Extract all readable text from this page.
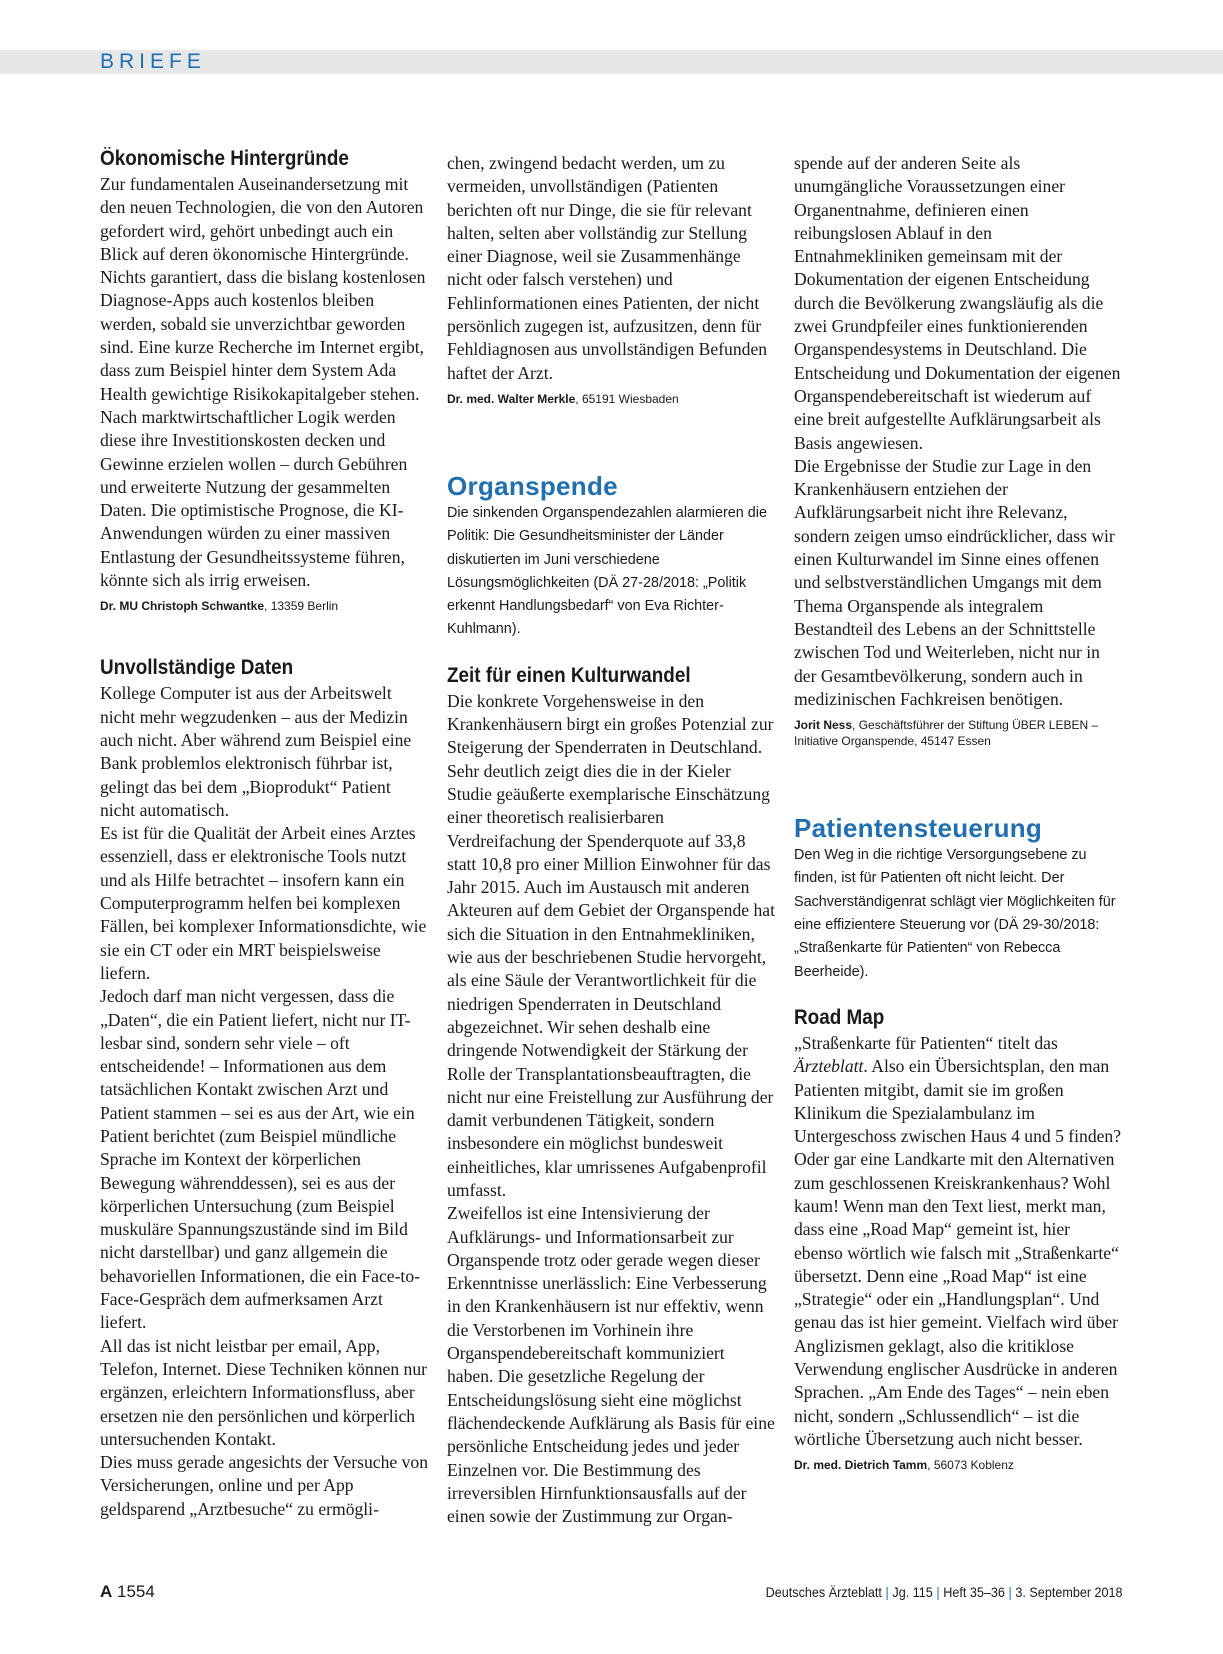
BRIEFE
Ökonomische Hintergründe

Zur fundamentalen Auseinandersetzung mit den neuen Technologien, die von den Autoren gefordert wird, gehört unbedingt auch ein Blick auf deren ökonomische Hintergründe. Nichts garantiert, dass die bislang kostenlosen Diagnose-Apps auch kostenlos bleiben werden, sobald sie unverzichtbar geworden sind. Eine kurze Recherche im Internet ergibt, dass zum Beispiel hinter dem System Ada Health gewichtige Risikokapitalgeber stehen. Nach marktwirtschaftlicher Logik werden diese ihre Investitionskosten decken und Gewinne erzielen wollen – durch Gebühren und erweiterte Nutzung der gesammelten Daten. Die optimistische Prognose, die KI-Anwendungen würden zu einer massiven Entlastung der Gesundheitssysteme führen, könnte sich als irrig erweisen.

Dr. MU Christoph Schwantke, 13359 Berlin
Unvollständige Daten

Kollege Computer ist aus der Arbeitswelt nicht mehr wegzudenken – aus der Medizin auch nicht. Aber während zum Beispiel eine Bank problemlos elektronisch führbar ist, gelingt das bei dem „Bioprodukt“ Patient nicht automatisch.

Es ist für die Qualität der Arbeit eines Arztes essenziell, dass er elektronische Tools nutzt und als Hilfe betrachtet – insofern kann ein Computerprogramm helfen bei komplexen Fällen, bei komplexer Informationsdichte, wie sie ein CT oder ein MRT beispielsweise liefern.

Jedoch darf man nicht vergessen, dass die „Daten“, die ein Patient liefert, nicht nur IT-lesbar sind, sondern sehr viele – oft entscheidende! – Informationen aus dem tatsächlichen Kontakt zwischen Arzt und Patient stammen – sei es aus der Art, wie ein Patient berichtet (zum Beispiel mündliche Sprache im Kontext der körperlichen Bewegung währenddessen), sei es aus der körperlichen Untersuchung (zum Beispiel muskuläre Spannungszustände sind im Bild nicht darstellbar) und ganz allgemein die behavoriellen Informationen, die ein Face-to-Face-Gespräch dem aufmerksamen Arzt liefert.

All das ist nicht leistbar per email, App, Telefon, Internet. Diese Techniken können nur ergänzen, erleichtern Informationsfluss, aber ersetzen nie den persönlichen und körperlich untersuchenden Kontakt.

Dies muss gerade angesichts der Versuche von Versicherungen, online und per App geldsparend „Arztbesuche“ zu ermögli-

chen, zwingend bedacht werden, um zu vermeiden, unvollständigen (Patienten berichten oft nur Dinge, die sie für relevant halten, selten aber vollständig zur Stellung einer Diagnose, weil sie Zusammenhänge nicht oder falsch verstehen) und Fehlinformationen eines Patienten, der nicht persönlich zugegen ist, aufzusitzen, denn für Fehldiagnosen aus unvollständigen Befunden haftet der Arzt.

Dr. med. Walter Merkle, 65191 Wiesbaden
Organspende
Die sinkenden Organspendezahlen alarmieren die Politik: Die Gesundheitsminister der Länder diskutierten im Juni verschiedene Lösungsmöglichkeiten (DÄ 27-28/2018: „Politik erkennt Handlungsbedarf“ von Eva Richter-Kuhlmann).
Zeit für einen Kulturwandel

Die konkrete Vorgehensweise in den Krankenhäusern birgt ein großes Potenzial zur Steigerung der Spenderraten in Deutschland. Sehr deutlich zeigt dies die in der Kieler Studie geäußerte exemplarische Einschätzung einer theoretisch realisierbaren Verdreifachung der Spenderquote auf 33,8 statt 10,8 pro einer Million Einwohner für das Jahr 2015. Auch im Austausch mit anderen Akteuren auf dem Gebiet der Organspende hat sich die Situation in den Entnahmekliniken, wie aus der beschriebenen Studie hervorgeht, als eine Säule der Verantwortlichkeit für die niedrigen Spenderraten in Deutschland abgezeichnet. Wir sehen deshalb eine dringende Notwendigkeit der Stärkung der Rolle der Transplantationsbeauftragten, die nicht nur eine Freistellung zur Ausführung der damit verbundenen Tätigkeit, sondern insbesondere ein möglichst bundesweit einheitliches, klar umrissenes Aufgabenprofil umfasst.

Zweifellos ist eine Intensivierung der Aufklärungs- und Informationsarbeit zur Organspende trotz oder gerade wegen dieser Erkenntnisse unerlässlich: Eine Verbesserung in den Krankenhäusern ist nur effektiv, wenn die Verstorbenen im Vorhinein ihre Organspendebereitschaft kommuniziert haben. Die gesetzliche Regelung der Entscheidungslösung sieht eine möglichst flächendeckende Aufklärung als Basis für eine persönliche Entscheidung jedes und jeder Einzelnen vor. Die Bestimmung des irreversiblen Hirnfunktionsausfalls auf der einen sowie der Zustimmung zur Organ-

spende auf der anderen Seite als unumgängliche Voraussetzungen einer Organentnahme, definieren einen reibungslosen Ablauf in den Entnahmekliniken gemeinsam mit der Dokumentation der eigenen Entscheidung durch die Bevölkerung zwangsläufig als die zwei Grundpfeiler eines funktionierenden Organspendesystems in Deutschland. Die Entscheidung und Dokumentation der eigenen Organspendebereitschaft ist wiederum auf eine breit aufgestellte Aufklärungsarbeit als Basis angewiesen.

Die Ergebnisse der Studie zur Lage in den Krankenhäusern entziehen der Aufklärungsarbeit nicht ihre Relevanz, sondern zeigen umso eindrücklicher, dass wir einen Kulturwandel im Sinne eines offenen und selbstverständlichen Umgangs mit dem Thema Organspende als integralem Bestandteil des Lebens an der Schnittstelle zwischen Tod und Weiterleben, nicht nur in der Gesamtbevölkerung, sondern auch in medizinischen Fachkreisen benötigen.

Jorit Ness, Geschäftsführer der Stiftung ÜBER LEBEN – Initiative Organspende, 45147 Essen
Patientensteuerung
Den Weg in die richtige Versorgungsebene zu finden, ist für Patienten oft nicht leicht. Der Sachverständigenrat schlägt vier Möglichkeiten für eine effizientere Steuerung vor (DÄ 29-30/2018: „Straßenkarte für Patienten“ von Rebecca Beerheide).
Road Map

„Straßenkarte für Patienten“ titelt das Ärzteblatt. Also ein Übersichtsplan, den man Patienten mitgibt, damit sie im großen Klinikum die Spezialambulanz im Untergeschoss zwischen Haus 4 und 5 finden? Oder gar eine Landkarte mit den Alternativen zum geschlossenen Kreiskrankenhaus? Wohl kaum! Wenn man den Text liest, merkt man, dass eine „Road Map“ gemeint ist, hier ebenso wörtlich wie falsch mit „Straßenkarte“ übersetzt. Denn eine „Road Map“ ist eine „Strategie“ oder ein „Handlungsplan“. Und genau das ist hier gemeint. Vielfach wird über Anglizismen geklagt, also die kritiklose Verwendung englischer Ausdrücke in anderen Sprachen. „Am Ende des Tages“ – nein eben nicht, sondern „Schlussendlich“ – ist die wörtliche Übersetzung auch nicht besser.

Dr. med. Dietrich Tamm, 56073 Koblenz
A 1554	Deutsches Ärzteblatt | Jg. 115 | Heft 35–36 | 3. September 2018
